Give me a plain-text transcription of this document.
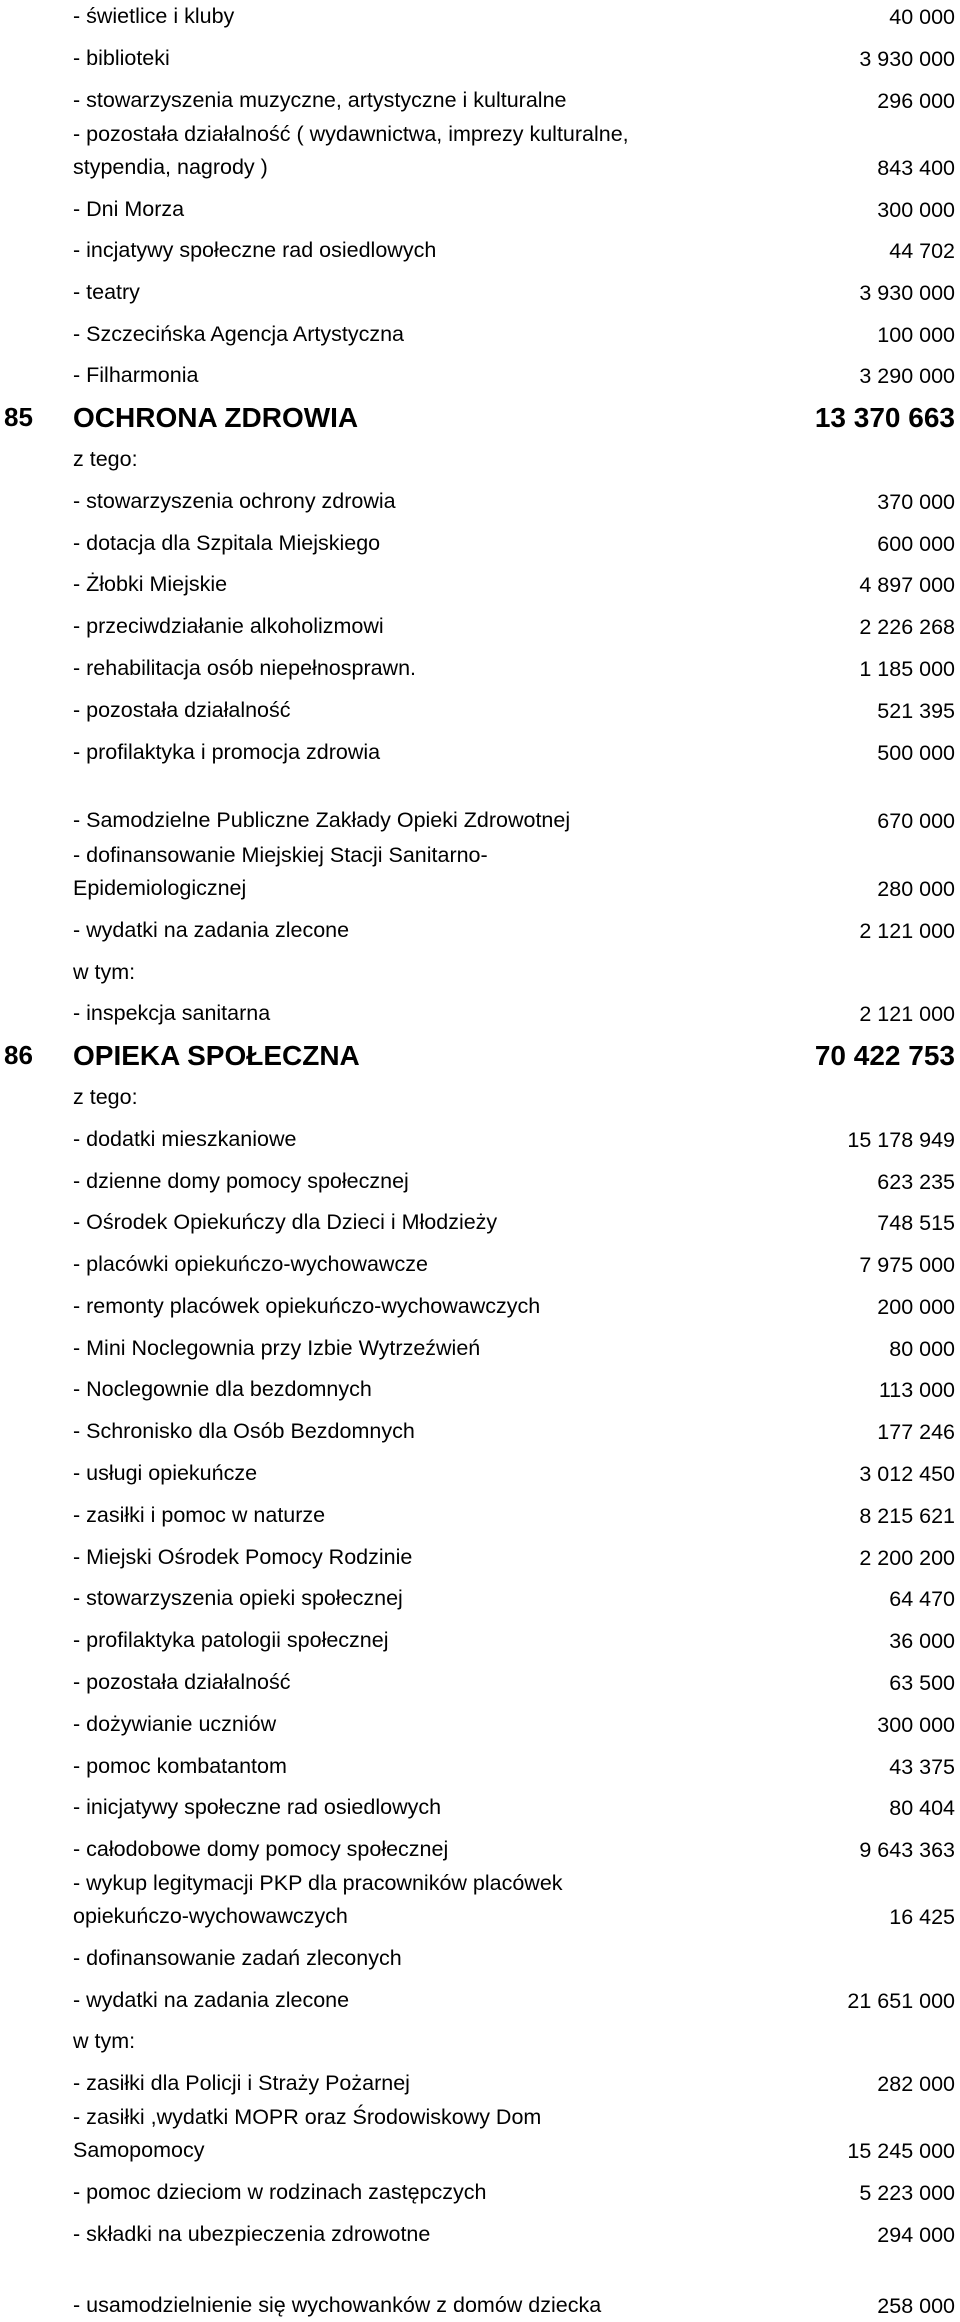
- świetlice i kluby	40 000
- biblioteki	3 930 000
- stowarzyszenia muzyczne, artystyczne i kulturalne	296 000
- pozostała działalność ( wydawnictwa, imprezy kulturalne,
stypendia, nagrody )	843 400
- Dni Morza	300 000
- incjatywy społeczne rad osiedlowych	44 702
- teatry	3 930 000
- Szczecińska Agencja Artystyczna	100 000
- Filharmonia	3 290 000
85 OCHRONA ZDROWIA	13 370 663
z tego:
- stowarzyszenia ochrony zdrowia	370 000
- dotacja dla Szpitala Miejskiego	600 000
- Żłobki Miejskie	4 897 000
- przeciwdziałanie alkoholizmowi	2 226 268
- rehabilitacja osób niepełnosprawn.	1 185 000
- pozostała działalność	521 395
- profilaktyka i promocja zdrowia	500 000
- Samodzielne Publiczne Zakłady Opieki Zdrowotnej	670 000
- dofinansowanie Miejskiej Stacji Sanitarno-
Epidemiologicznej	280 000
- wydatki na zadania zlecone	2 121 000
w tym:
- inspekcja sanitarna	2 121 000
86 OPIEKA SPOŁECZNA	70 422 753
z tego:
- dodatki mieszkaniowe	15 178 949
- dzienne domy pomocy społecznej	623 235
- Ośrodek Opiekuńczy dla Dzieci i Młodzieży	748 515
- placówki opiekuńczo-wychowawcze	7 975 000
- remonty placówek opiekuńczo-wychowawczych	200 000
- Mini Noclegownia przy Izbie Wytrzeźwień	80 000
- Noclegownie dla bezdomnych	113 000
- Schronisko dla Osób Bezdomnych	177 246
- usługi opiekuńcze	3 012 450
- zasiłki i pomoc w naturze	8 215 621
- Miejski Ośrodek Pomocy Rodzinie	2 200 200
- stowarzyszenia opieki społecznej	64 470
- profilaktyka patologii społecznej	36 000
- pozostała działalność	63 500
- dożywianie uczniów	300 000
- pomoc kombatantom	43 375
- inicjatywy społeczne rad osiedlowych	80 404
- całodobowe domy pomocy społecznej	9 643 363
- wykup legitymacji PKP dla pracowników placówek
opiekuńczo-wychowawczych	16 425
- dofinansowanie zadań zleconych
- wydatki na zadania zlecone	21 651 000
w tym:
- zasiłki dla Policji i Straży Pożarnej	282 000
- zasiłki ,wydatki MOPR oraz Środowiskowy Dom
Samopomocy	15 245 000
- pomoc dzieciom w rodzinach zastępczych	5 223 000
- składki na ubezpieczenia zdrowotne	294 000
- usamodzielnienie się wychowanków z domów dziecka	258 000
